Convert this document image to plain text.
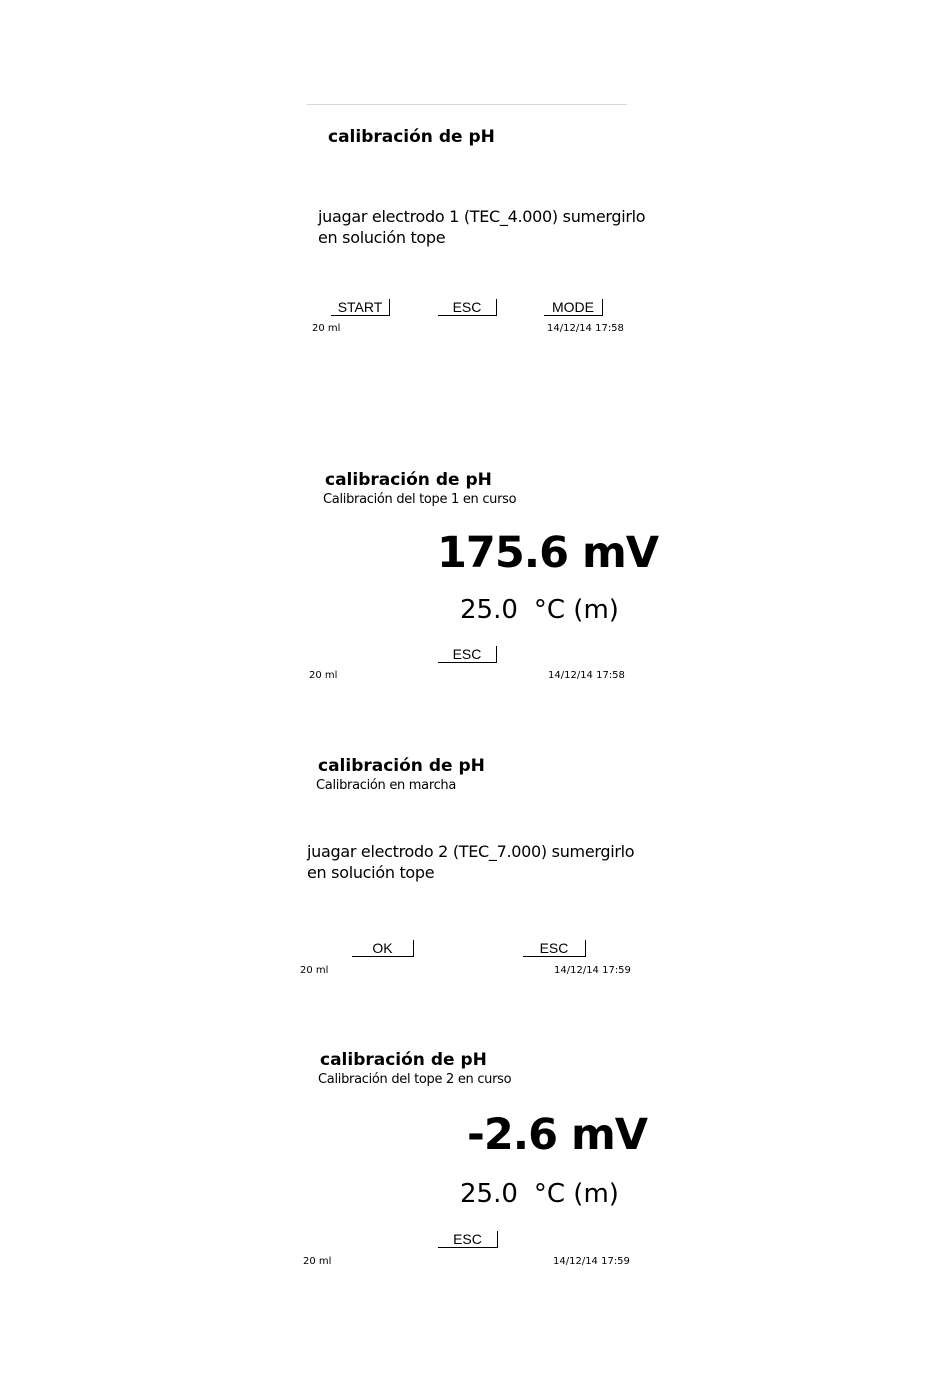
calibración de pH
juagar electrodo 1 (TEC_4.000) sumergirlo
en solución tope
START	ESC	MODE
20 ml	14/12/14 17:58
calibración de pH
Calibración del tope 1 en curso
175.6 mV
25.0 °C (m)
ESC
20 ml	14/12/14 17:58
calibración de pH
Calibración en marcha
juagar electrodo 2 (TEC_7.000) sumergirlo
en solución tope
OK	ESC
20 ml	14/12/14 17:59
calibración de pH
Calibración del tope 2 en curso
-2.6 mV
25.0 °C (m)
ESC
20 ml	14/12/14 17:59
